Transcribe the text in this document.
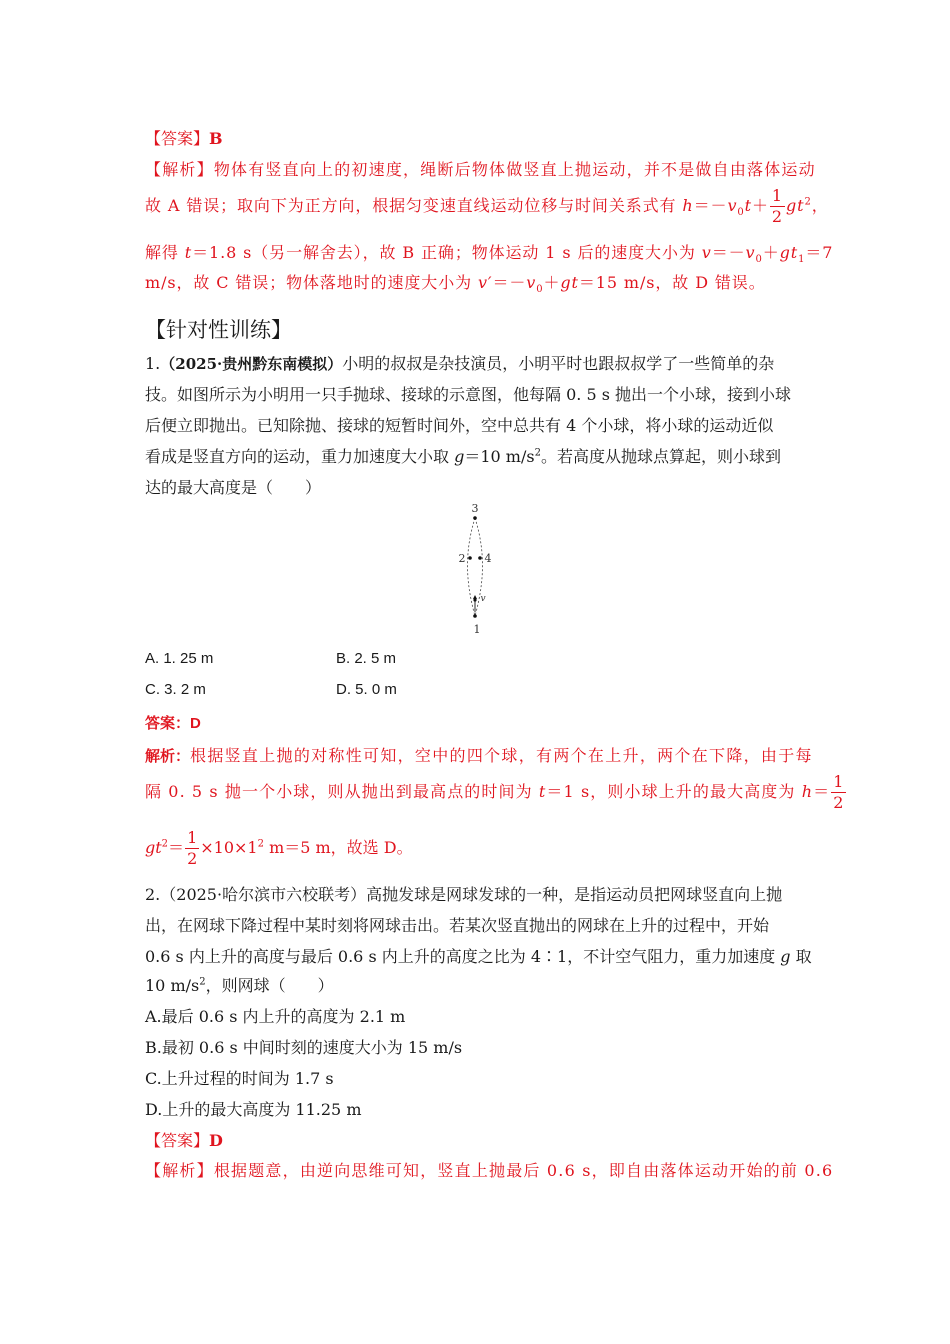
【答案】B
【解析】物体有竖直向上的初速度，绳断后物体做竖直上抛运动，并不是做自由落体运动
故 A 错误；取向下为正方向，根据匀变速直线运动位移与时间关系式有 $h=-v_0t+ \frac{1}{2} gt^2$，
解得 t＝1.8 s（另一解舍去），故 B 正确；物体运动 1 s 后的速度大小为 $v=-v_0+gt_1=7$
m/s，故 C 错误；物体落地时的速度大小为 $v'=-v_0+gt=15$ m/s，故 D 错误。
【针对性训练】
1.（2025·贵州黔东南模拟）小明的叔叔是杂技演员，小明平时也跟叔叔学了一些简单的杂
技。如图所示为小明用一只手抛球、接球的示意图，他每隔 0. 5 s 抛出一个小球，接到小球
后便立即抛出。已知除抛、接球的短暂时间外，空中总共有 4 个小球，将小球的运动近似
看成是竖直方向的运动，重力加速度大小取 g＝10 $m/s^2$。若高度从抛球点算起，则小球到
达的最大高度是（　　）
3
2 4
v
1
A. 1. 25 m	B. 2. 5 m
C. 3. 2 m	D. 5. 0 m
答案：D
解析：根据竖直上抛的对称性可知，空中的四个球，有两个在上升，两个在下降，由于每
隔 0. 5 s 抛一个小球，则从抛出到最高点的时间为 t＝1 s，则小球上升的最大高度为 $h= \frac{1}{2}$
$gt^2= \frac{1}{2} \times 10\times 1^2$ m＝5 m，故选 D。
2.（2025·哈尔滨市六校联考）高抛发球是网球发球的一种，是指运动员把网球竖直向上抛
出，在网球下降过程中某时刻将网球击出。若某次竖直抛出的网球在上升的过程中，开始
0.6 s 内上升的高度与最后 0.6 s 内上升的高度之比为 4∶1，不计空气阻力，重力加速度 g 取
10 $m/s^2$，则网球（　　）
A.最后 0.6 s 内上升的高度为 2.1 m
B.最初 0.6 s 中间时刻的速度大小为 15 m/s
C.上升过程的时间为 1.7 s
D.上升的最大高度为 11.25 m
【答案】D
【解析】根据题意，由逆向思维可知，竖直上抛最后 0.6 s，即自由落体运动开始的前 0.6
